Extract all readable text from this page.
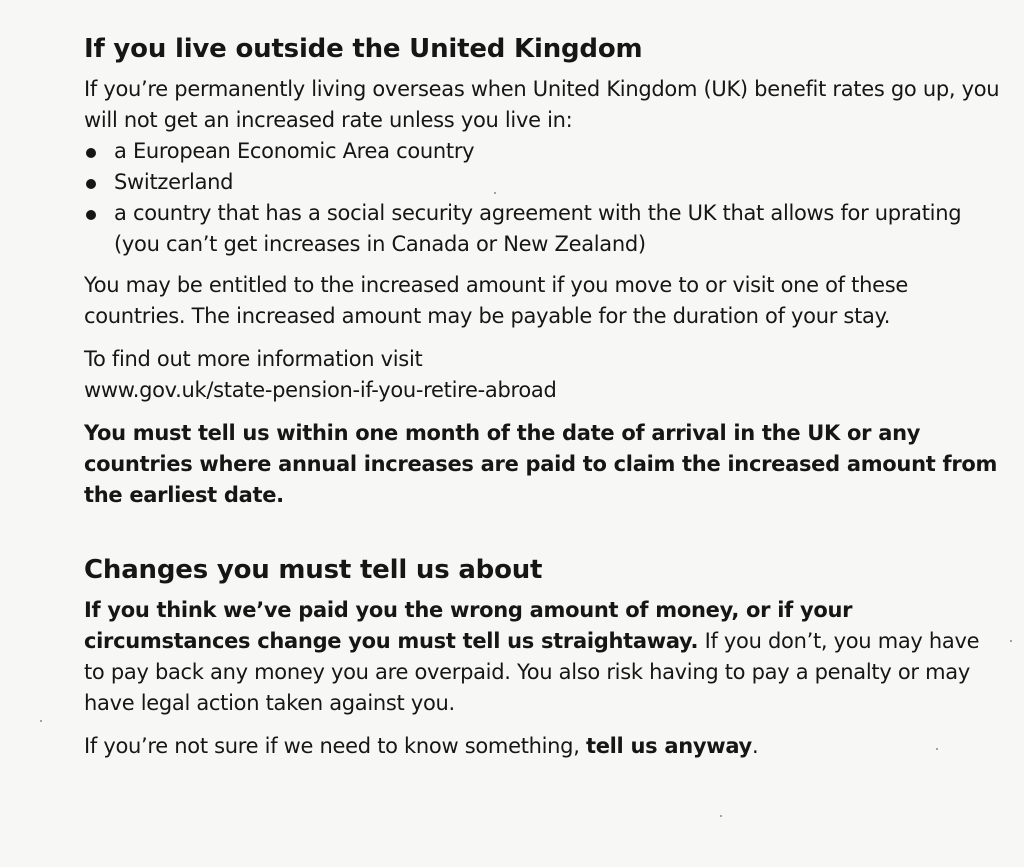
If you live outside the United Kingdom

If you’re permanently living overseas when United Kingdom (UK) benefit rates go up, you will not get an increased rate unless you live in:

a European Economic Area country
Switzerland
a country that has a social security agreement with the UK that allows for uprating (you can’t get increases in Canada or New Zealand)

You may be entitled to the increased amount if you move to or visit one of these countries. The increased amount may be payable for the duration of your stay.

To find out more information visit
www.gov.uk/state-pension-if-you-retire-abroad

You must tell us within one month of the date of arrival in the UK or any countries where annual increases are paid to claim the increased amount from the earliest date.

Changes you must tell us about

If you think we’ve paid you the wrong amount of money, or if your circumstances change you must tell us straightaway. If you don’t, you may have to pay back any money you are overpaid. You also risk having to pay a penalty or may have legal action taken against you.

If you’re not sure if we need to know something, tell us anyway.
